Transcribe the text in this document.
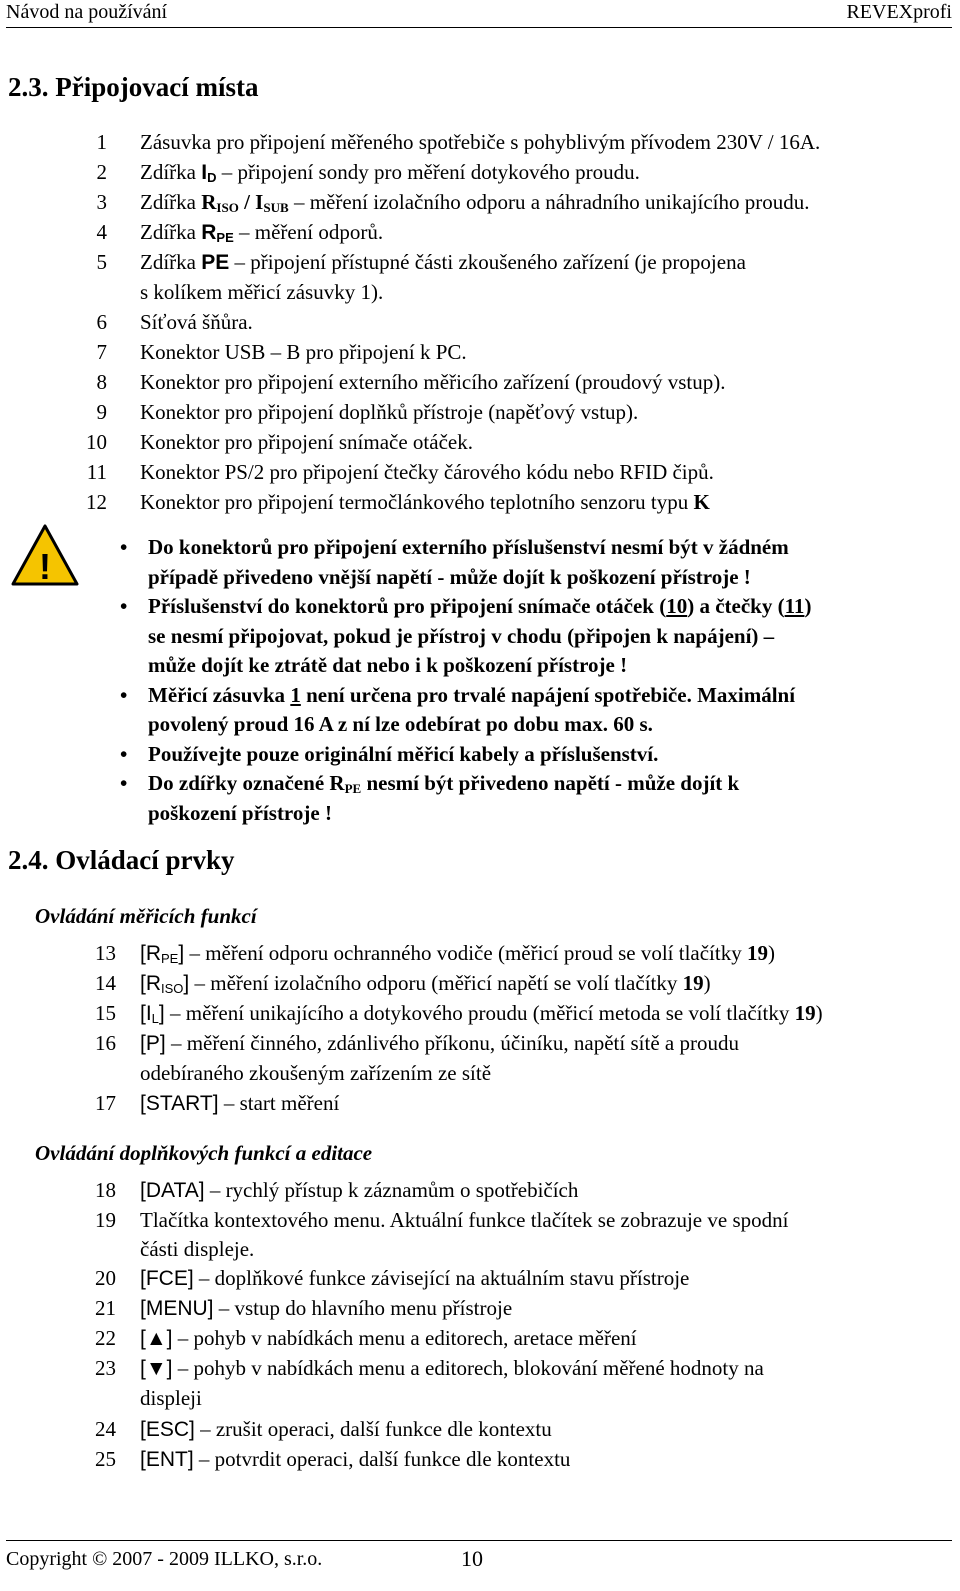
Návod na používání	REVEXprofi
2.3. Připojovací místa
1 Zásuvka pro připojení měřeného spotřebiče s pohyblivým přívodem 230V / 16A.
2 Zdířka $I_D$ – připojení sondy pro měření dotykového proudu.
3 Zdířka $R_{ISO} / I_{SUB}$ – měření izolačního odporu a náhradního unikajícího proudu.
4 Zdířka $R_{PE}$ – měření odporů.
5 Zdířka PE – připojení přístupné části zkoušeného zařízení (je propojena
s kolíkem měřicí zásuvky 1).
6 Síťová šňůra.
7 Konektor USB – B pro připojení k PC.
8 Konektor pro připojení externího měřicího zařízení (proudový vstup).
9 Konektor pro připojení doplňků přístroje (napěťový vstup).
10 Konektor pro připojení snímače otáček.
11 Konektor PS/2 pro připojení čtečky čárového kódu nebo RFID čipů.
12 Konektor pro připojení termočlánkového teplotního senzoru typu K
!	• Do konektorů pro připojení externího příslušenství nesmí být v žádném
případě přivedeno vnější napětí - může dojít k poškození přístroje !
• Příslušenství do konektorů pro připojení snímače otáček (10) a čtečky (11)
se nesmí připojovat, pokud je přístroj v chodu (připojen k napájení) –
může dojít ke ztrátě dat nebo i k poškození přístroje !
• Měřicí zásuvka 1 není určena pro trvalé napájení spotřebiče. Maximální
povolený proud 16 A z ní lze odebírat po dobu max. 60 s.
• Používejte pouze originální měřicí kabely a příslušenství.
• Do zdířky označené $R_{PE}$ nesmí být přivedeno napětí - může dojít k
poškození přístroje !
2.4. Ovládací prvky
Ovládání měřicích funkcí
13 $[R_{PE}]$ – měření odporu ochranného vodiče (měřicí proud se volí tlačítky 19)
14 $[R_{ISO}]$ – měření izolačního odporu (měřicí napětí se volí tlačítky 19)
15 $[I_L]$ – měření unikajícího a dotykového proudu (měřicí metoda se volí tlačítky 19)
16 [P] – měření činného, zdánlivého příkonu, účiníku, napětí sítě a proudu
odebíraného zkoušeným zařízením ze sítě
17 [START] – start měření
Ovládání doplňkových funkcí a editace
18 [DATA] – rychlý přístup k záznamům o spotřebičích
19 Tlačítka kontextového menu. Aktuální funkce tlačítek se zobrazuje ve spodní
části displeje.
20 [FCE] – doplňkové funkce závisející na aktuálním stavu přístroje
21 [MENU] – vstup do hlavního menu přístroje
22 [▲] – pohyb v nabídkách menu a editorech, aretace měření
23 [▼] – pohyb v nabídkách menu a editorech, blokování měřené hodnoty na
displeji
24 [ESC] – zrušit operaci, další funkce dle kontextu
25 [ENT] – potvrdit operaci, další funkce dle kontextu
Copyright © 2007 - 2009 ILLKO, s.r.o.	10
